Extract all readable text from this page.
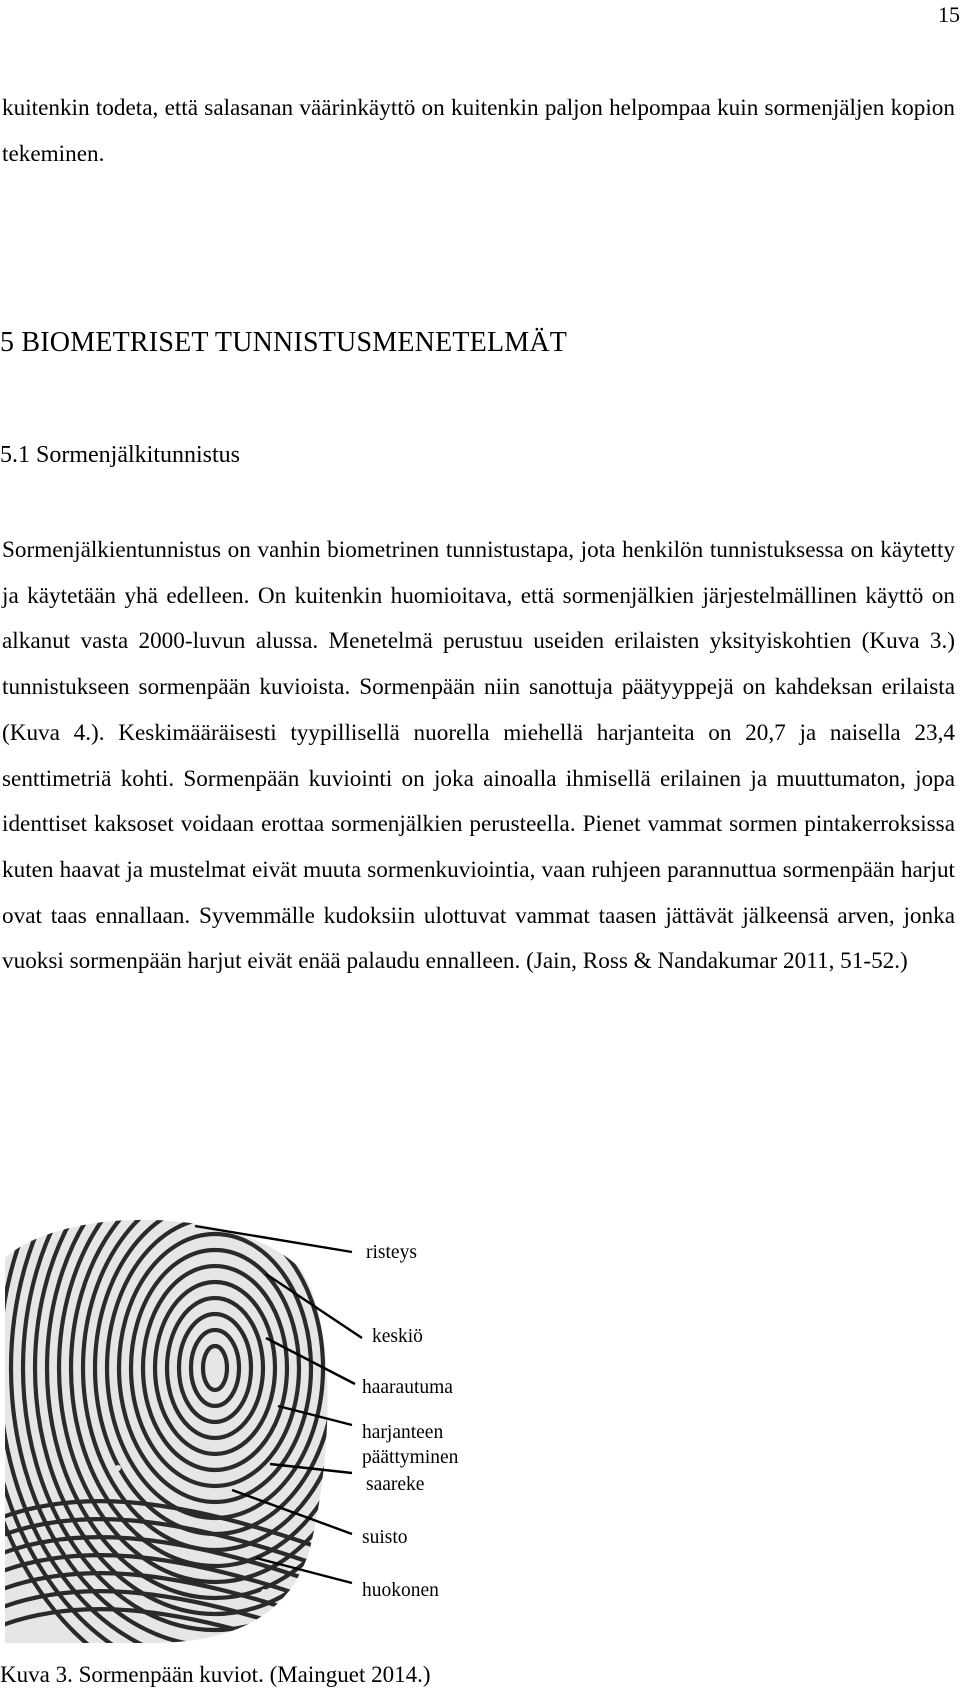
15

kuitenkin todeta, että salasanan väärinkäyttö on kuitenkin paljon helpompaa kuin sormenjäljen kopion tekeminen.

5 BIOMETRISET TUNNISTUSMENETELMÄT
5.1 Sormenjälkitunnistus

Sormenjälkientunnistus on vanhin biometrinen tunnistustapa, jota henkilön tunnistuksessa on käytetty ja käytetään yhä edelleen. On kuitenkin huomioitava, että sormenjälkien järjestelmällinen käyttö on alkanut vasta 2000-luvun alussa. Menetelmä perustuu useiden erilaisten yksityiskohtien (Kuva 3.) tunnistukseen sormenpään kuvioista. Sormenpään niin sanottuja päätyyppejä on kahdeksan erilaista (Kuva 4.). Keskimääräisesti tyypillisellä nuorella miehellä harjanteita on 20,7 ja naisella 23,4 senttimetriä kohti. Sormenpään kuviointi on joka ainoalla ihmisellä erilainen ja muuttumaton, jopa identtiset kaksoset voidaan erottaa sormenjälkien perusteella. Pienet vammat sormen pintakerroksissa kuten haavat ja mustelmat eivät muuta sormenkuviointia, vaan ruhjeen parannuttua sormenpään harjut ovat taas ennallaan. Syvemmälle kudoksiin ulottuvat vammat taasen jättävät jälkeensä arven, jonka vuoksi sormenpään harjut eivät enää palaudu ennalleen. (Jain, Ross & Nandakumar 2011, 51-52.)

risteys
keskiö
haarautuma
harjanteen
päättyminen
saareke
suisto
huokonen

Kuva 3. Sormenpään kuviot. (Mainguet 2014.)
